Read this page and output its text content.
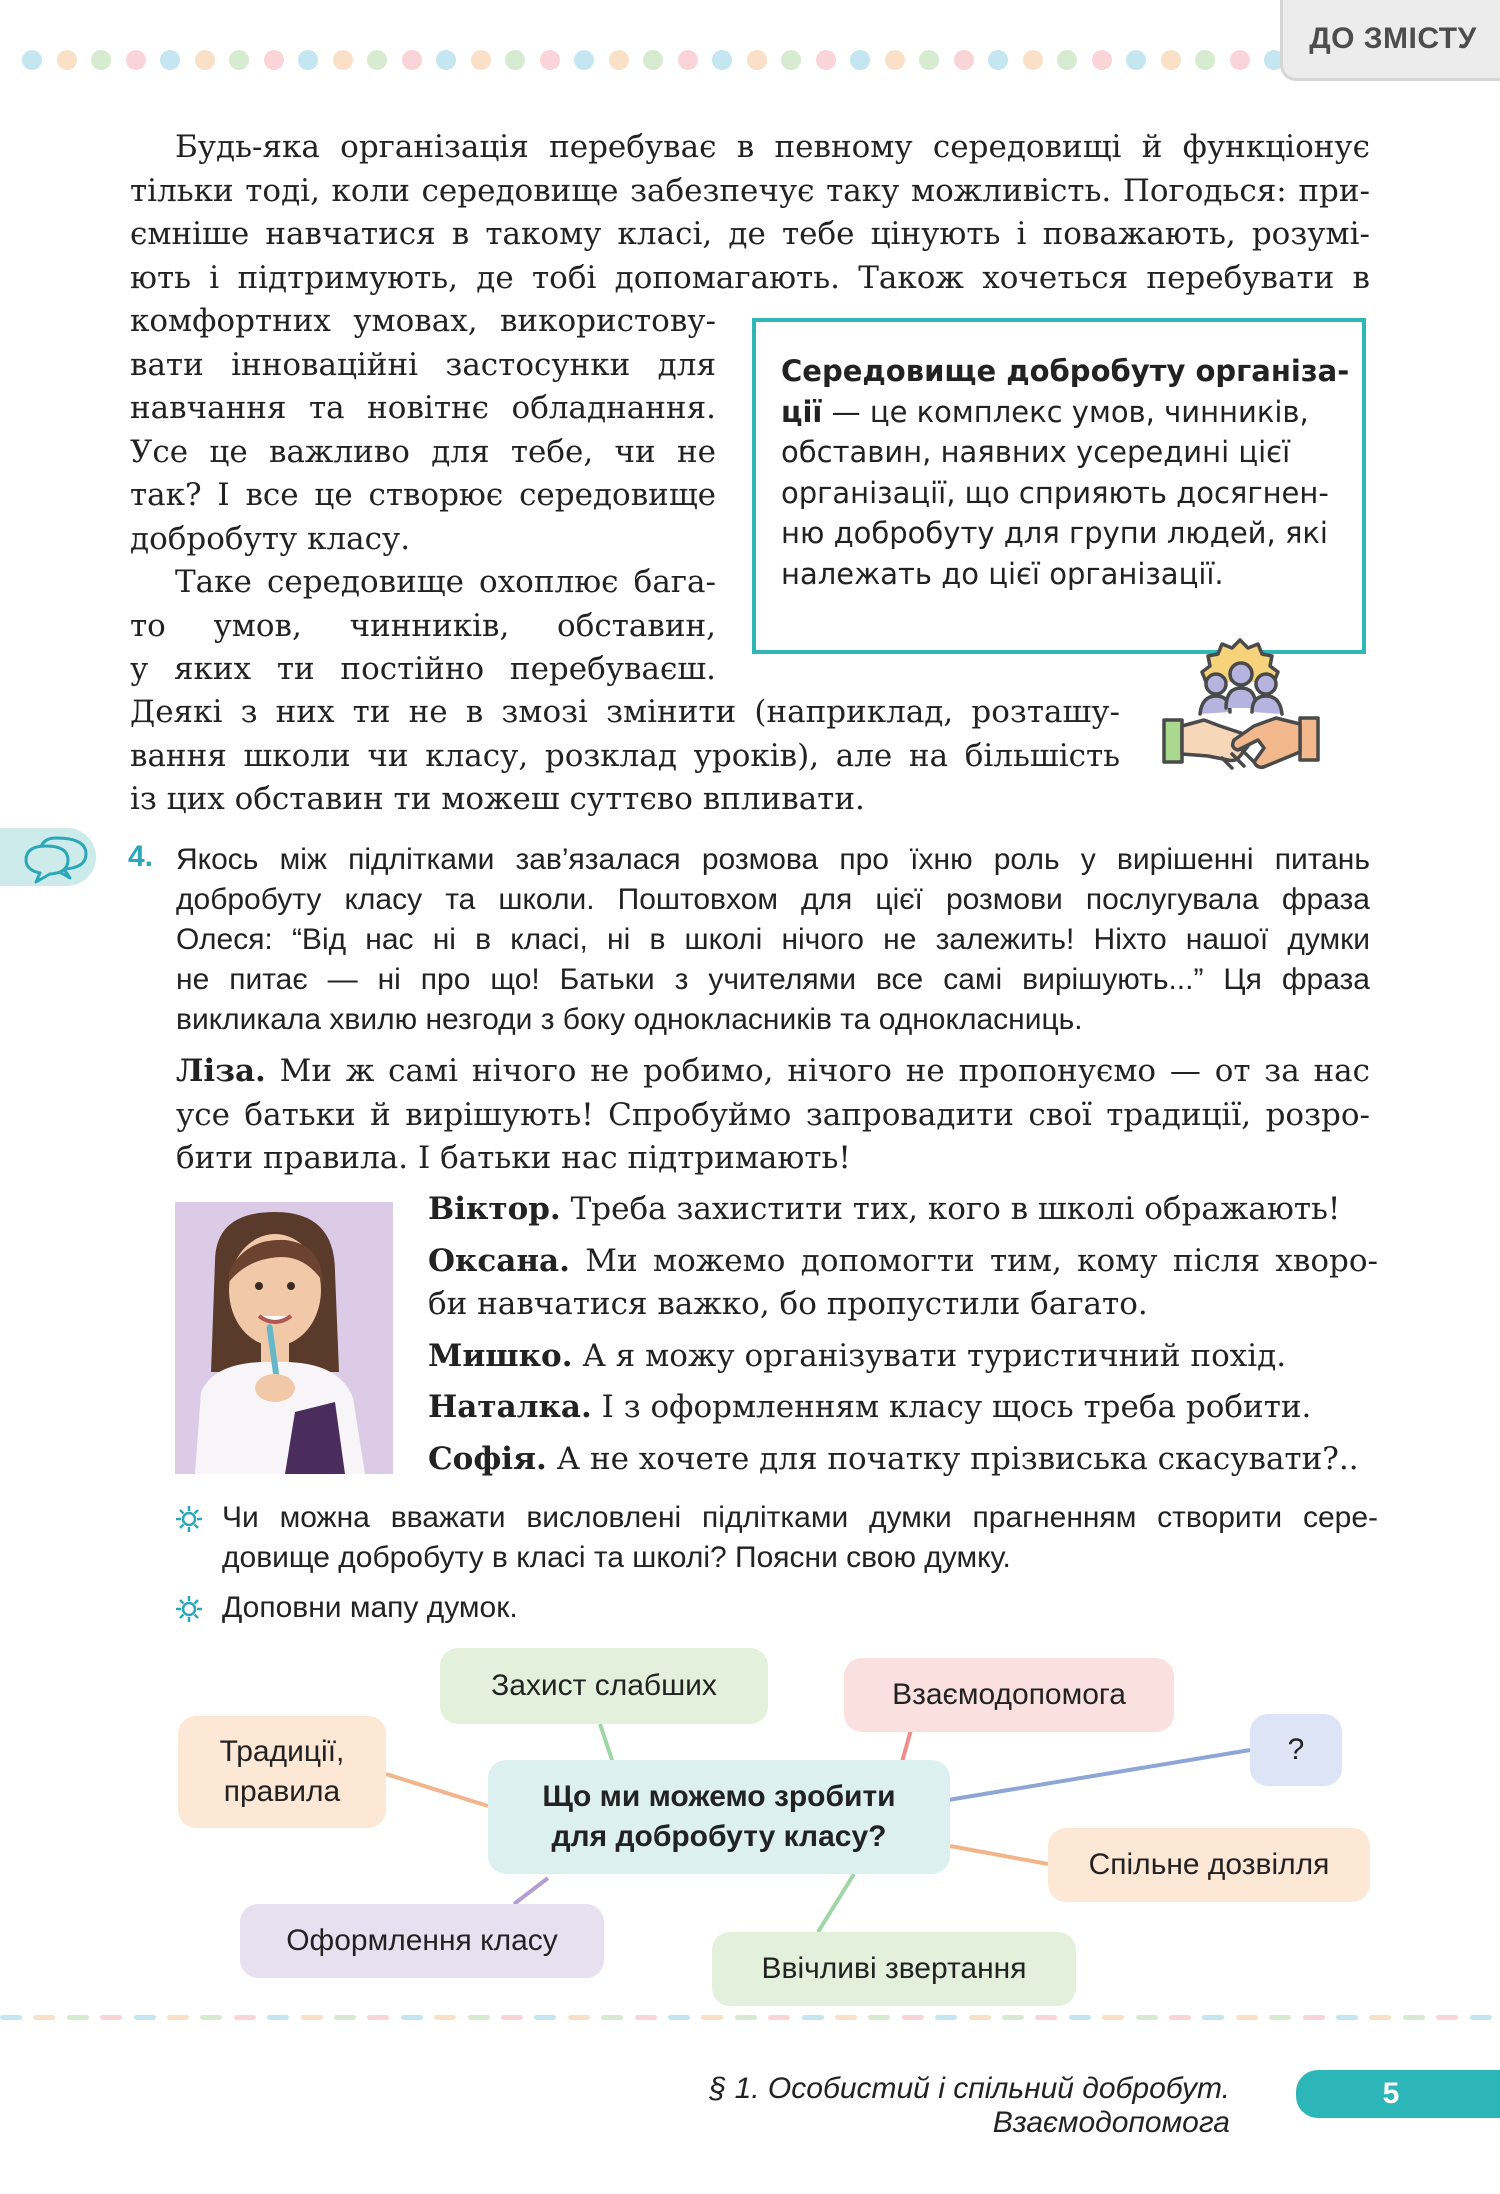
ДО ЗМІСТУ
Будь-яка організація перебуває в певному середовищі й функціонує
тільки тоді, коли середовище забезпечує таку можливість. Погодься: при-
ємніше навчатися в такому класі, де тебе цінують і поважають, розумі-
ють і підтримують, де тобі допомагають. Також хочеться перебувати в
комфортних умовах, використову-
вати інноваційні застосунки для
навчання та новітнє обладнання.
Усе це важливо для тебе, чи не
так? І все це створює середовище
добробуту класу.
Таке середовище охоплює бага-
то умов, чинників, обставин,
у яких ти постійно перебуваєш.
Деякі з них ти не в змозі змінити (наприклад, розташу-
вання школи чи класу, розклад уроків), але на більшість
із цих обставин ти можеш суттєво впливати.
Середовище добробуту організа-
ції — це комплекс умов, чинників,
обставин, наявних усередині цієї
організації, що сприяють досягнен-
ню добробуту для групи людей, які
належать до цієї організації.
4. Якось між підлітками зав’язалася розмова про їхню роль у вирішенні питань
добробуту класу та школи. Поштовхом для цієї розмови послугувала фраза
Олеся: “Від нас ні в класі, ні в школі нічого не залежить! Ніхто нашої думки
не питає — ні про що! Батьки з учителями все самі вирішують...” Ця фраза
викликала хвилю незгоди з боку однокласників та однокласниць.
Ліза. Ми ж самі нічого не робимо, нічого не пропонуємо — от за нас
усе батьки й вирішують! Спробуймо запровадити свої традиції, розро-
бити правила. І батьки нас підтримають!
Віктор. Треба захистити тих, кого в школі ображають!
Оксана. Ми можемо допомогти тим, кому після хворо-
би навчатися важко, бо пропустили багато.
Мишко. А я можу організувати туристичний похід.
Наталка. І з оформленням класу щось треба робити.
Софія. А не хочете для початку прізвиська скасувати?..
Чи можна вважати висловлені підлітками думки прагненням створити сере-
довище добробуту в класі та школі? Поясни свою думку.
Доповни мапу думок.
Захист слабших	Взаємодопомога
?
Традиції,
правила	Що ми можемо зробити
для добробуту класу?
Спільне дозвілля
Оформлення класу
Ввічливі звертання
§ 1. Особистий і спільний добробут. Взаємодопомога
5
